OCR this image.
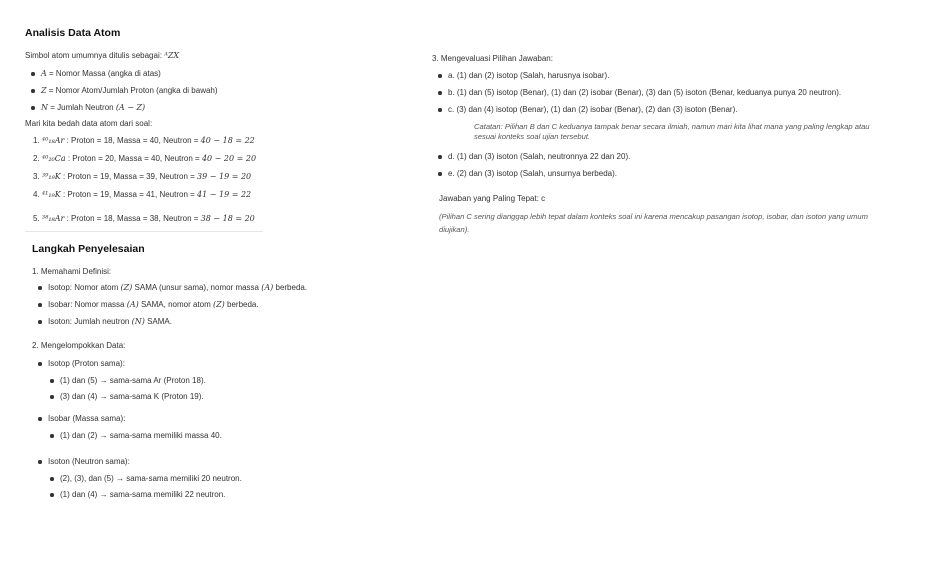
Analisis Data Atom
Simbol atom umumnya ditulis sebagai: ᴬZX
A = Nomor Massa (angka di atas)
Z = Nomor Atom/Jumlah Proton (angka di bawah)
N = Jumlah Neutron (A − Z)
Mari kita bedah data atom dari soal:
1. ⁴⁰₁₈Ar : Proton = 18, Massa = 40, Neutron = 40 − 18 = 22
2. ⁴⁰₂₀Ca : Proton = 20, Massa = 40, Neutron = 40 − 20 = 20
3. ³⁹₁₉K : Proton = 19, Massa = 39, Neutron = 39 − 19 = 20
4. ⁴¹₁₉K : Proton = 19, Massa = 41, Neutron = 41 − 19 = 22
5. ³⁸₁₈Ar : Proton = 18, Massa = 38, Neutron = 38 − 18 = 20
Langkah Penyelesaian
1. Memahami Definisi:
Isotop: Nomor atom (Z) SAMA (unsur sama), nomor massa (A) berbeda.
Isobar: Nomor massa (A) SAMA, nomor atom (Z) berbeda.
Isoton: Jumlah neutron (N) SAMA.
2. Mengelompokkan Data:
Isotop (Proton sama):
(1) dan (5) → sama-sama Ar (Proton 18).
(3) dan (4) → sama-sama K (Proton 19).
Isobar (Massa sama):
(1) dan (2) → sama-sama memiliki massa 40.
Isoton (Neutron sama):
(2), (3), dan (5) → sama-sama memiliki 20 neutron.
(1) dan (4) → sama-sama memiliki 22 neutron.
3. Mengevaluasi Pilihan Jawaban:
a. (1) dan (2) isotop (Salah, harusnya isobar).
b. (1) dan (5) isotop (Benar), (1) dan (2) isobar (Benar), (3) dan (5) isoton (Benar, keduanya punya 20 neutron).
c. (3) dan (4) isotop (Benar), (1) dan (2) isobar (Benar), (2) dan (3) isoton (Benar).
Catatan: Pilihan B dan C keduanya tampak benar secara ilmiah, namun mari kita lihat mana yang paling lengkap atau sesuai konteks soal ujian tersebut.
d. (1) dan (3) isoton (Salah, neutronnya 22 dan 20).
e. (2) dan (3) isotop (Salah, unsurnya berbeda).
Jawaban yang Paling Tepat: c
(Pilihan C sering dianggap lebih tepat dalam konteks soal ini karena mencakup pasangan isotop, isobar, dan isoton yang umum diujikan).
